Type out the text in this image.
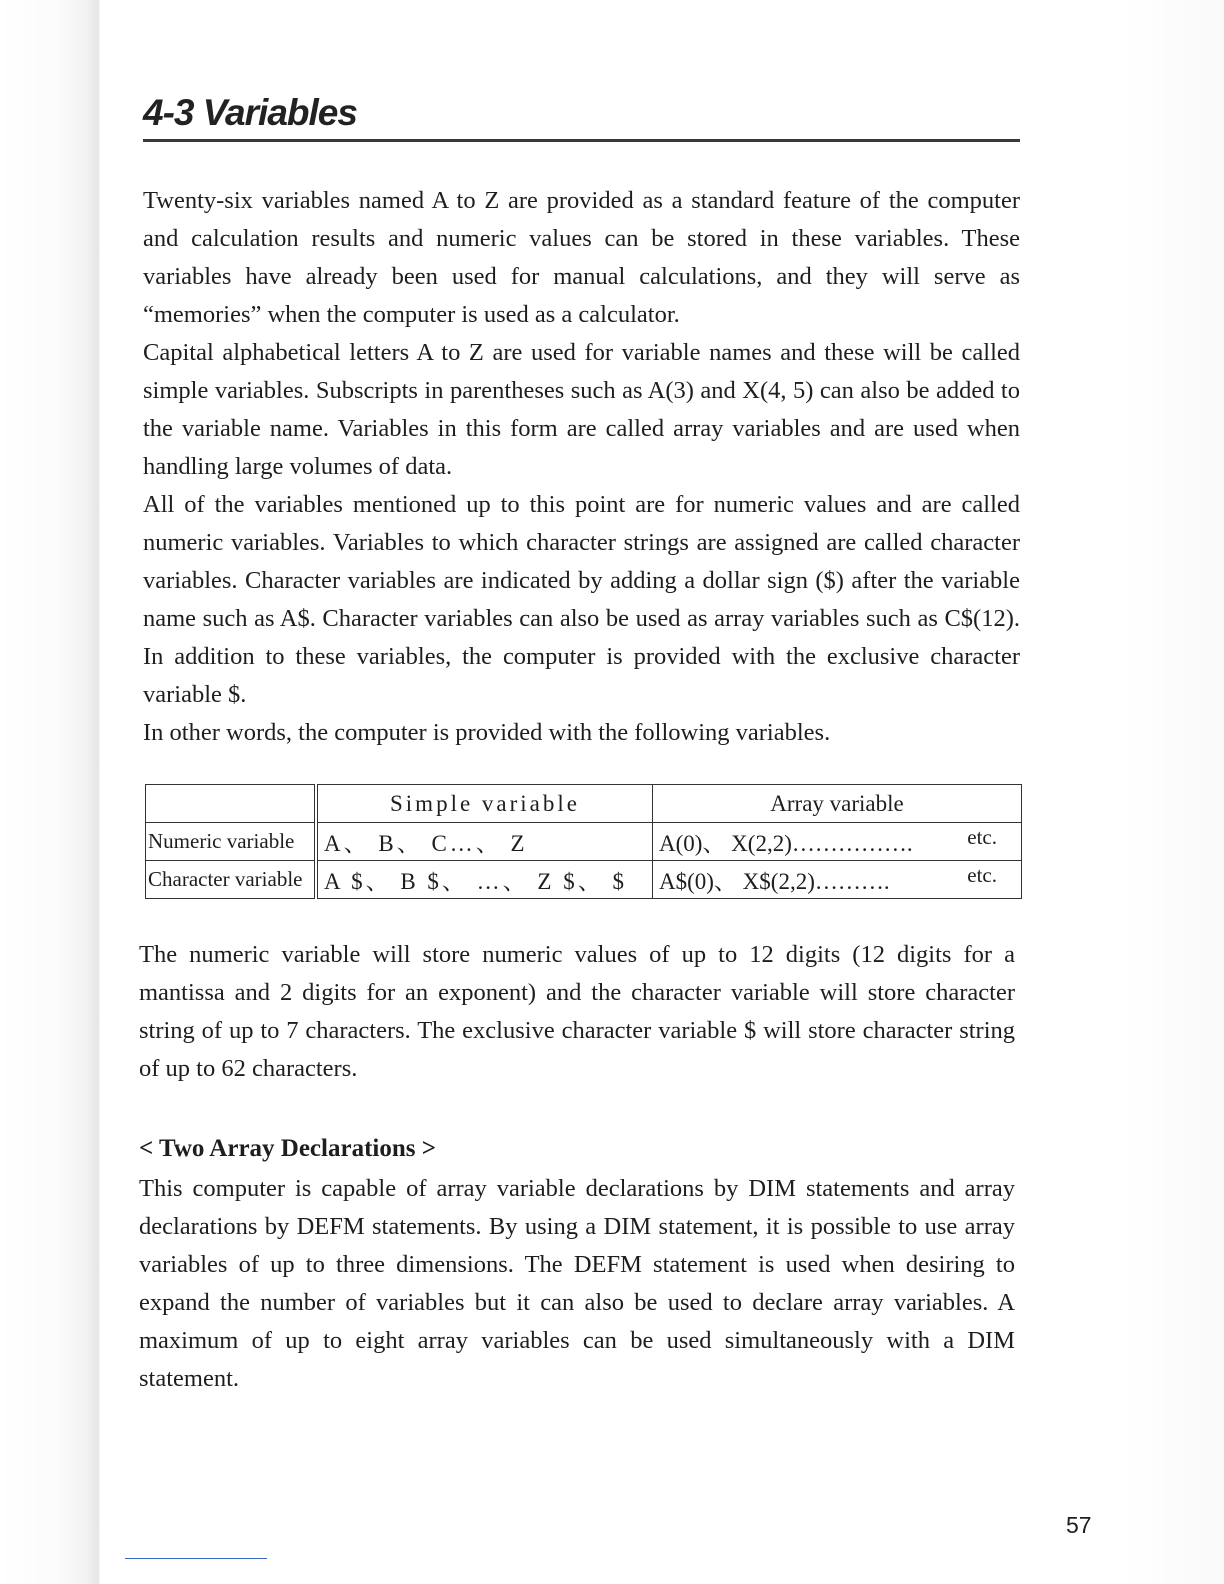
4-3 Variables

Twenty-six variables named A to Z are provided as a standard feature of the computer and calculation results and numeric values can be stored in these variables. These variables have already been used for manual calculations, and they will serve as “memories” when the computer is used as a calculator.

Capital alphabetical letters A to Z are used for variable names and these will be called simple variables. Subscripts in parentheses such as A(3) and X(4, 5) can also be added to the variable name. Variables in this form are called array variables and are used when handling large volumes of data.

All of the variables mentioned up to this point are for numeric values and are called numeric variables. Variables to which character strings are assigned are called character variables. Character variables are indicated by adding a dollar sign ($) after the variable name such as A$. Character variables can also be used as array variables such as C$(12). In addition to these variables, the computer is provided with the exclusive character variable $.

In other words, the computer is provided with the following variables.

	Simple variable	Array variable
Numeric variable	A、 B、 C…、 Z	A(0)、 X(2,2)……………. etc.

Character variable	A $、 B $、 …、 Z $、 $	A$(0)、 X$(2,2)………. etc.

The numeric variable will store numeric values of up to 12 digits (12 digits for a mantissa and 2 digits for an exponent) and the character variable will store character string of up to 7 characters. The exclusive character variable $ will store character string of up to 62 characters.

< Two Array Declarations >

This computer is capable of array variable declarations by DIM statements and array declarations by DEFM statements. By using a DIM statement, it is possible to use array variables of up to three dimensions. The DEFM statement is used when desiring to expand the number of variables but it can also be used to declare array variables. A maximum of up to eight array variables can be used simultaneously with a DIM statement.

57
